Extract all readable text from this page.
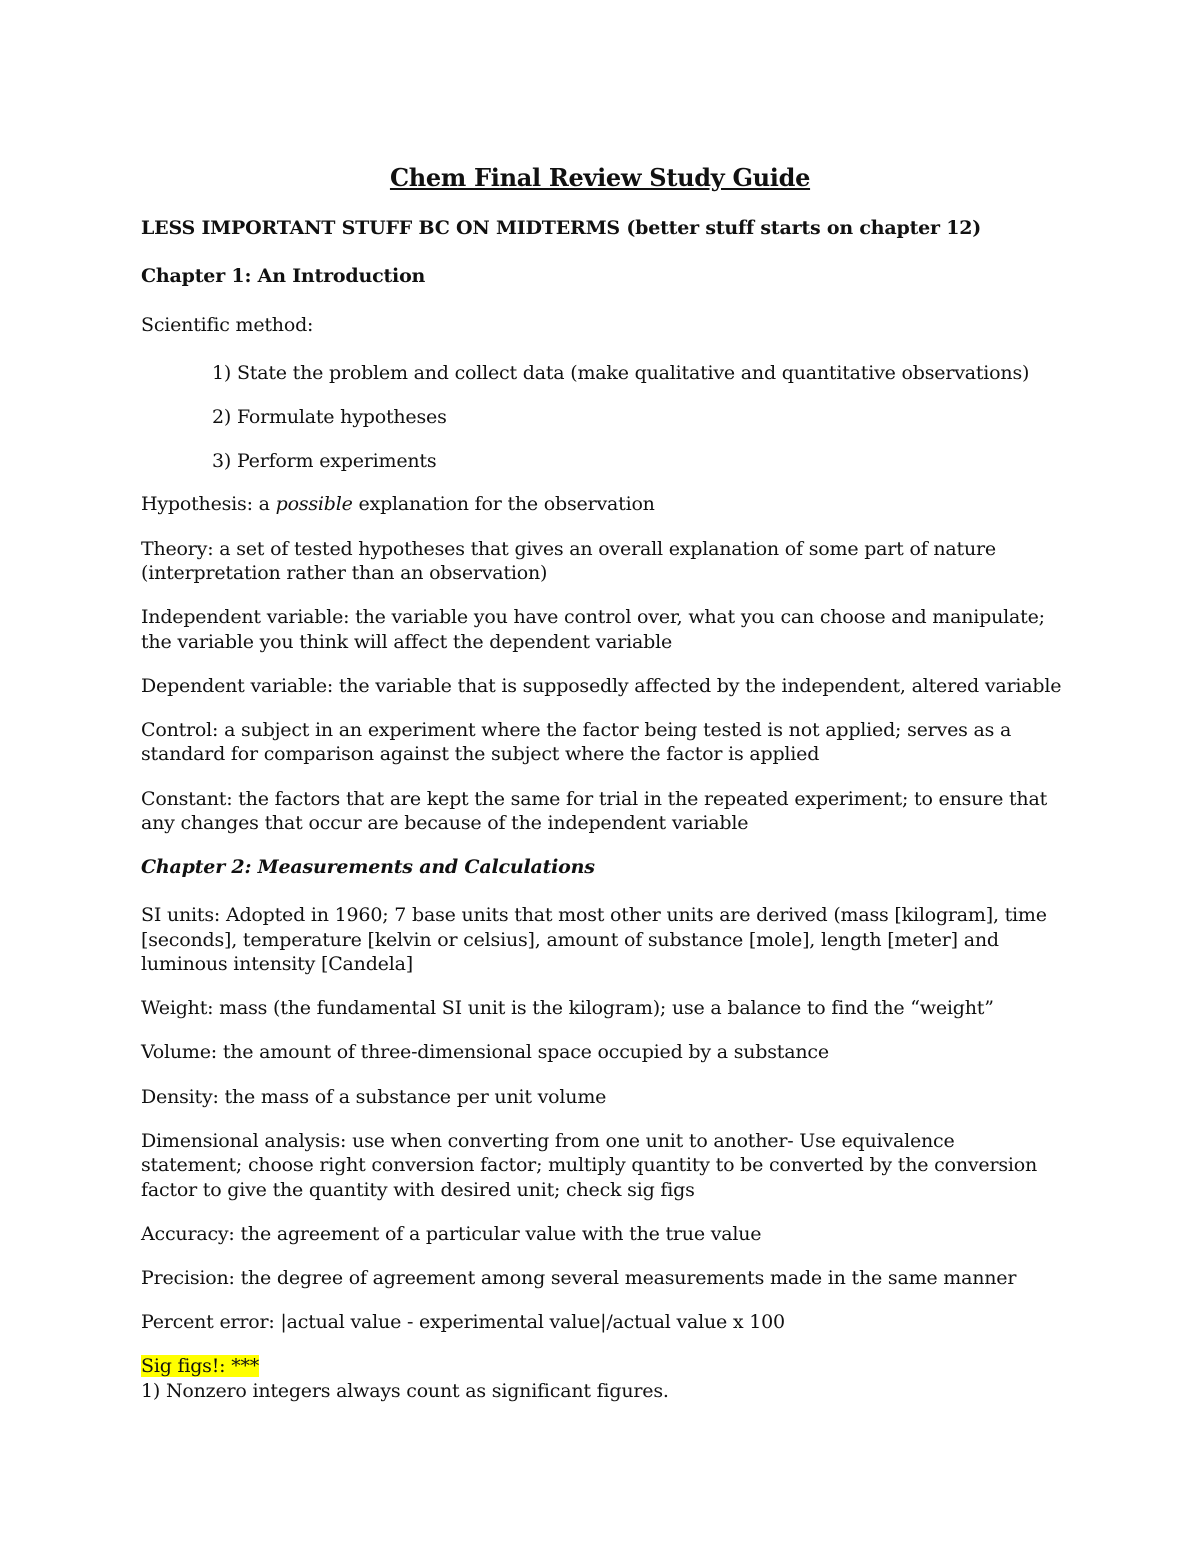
Chem Final Review Study Guide
LESS IMPORTANT STUFF BC ON MIDTERMS (better stuff starts on chapter 12)
Chapter 1: An Introduction
Scientific method:
1) State the problem and collect data (make qualitative and quantitative observations)
2) Formulate hypotheses
3) Perform experiments
Hypothesis: a possible explanation for the observation
Theory: a set of tested hypotheses that gives an overall explanation of some part of nature
(interpretation rather than an observation)
Independent variable: the variable you have control over, what you can choose and manipulate;
the variable you think will affect the dependent variable
Dependent variable: the variable that is supposedly affected by the independent, altered variable
Control: a subject in an experiment where the factor being tested is not applied; serves as a
standard for comparison against the subject where the factor is applied
Constant: the factors that are kept the same for trial in the repeated experiment; to ensure that
any changes that occur are because of the independent variable
Chapter 2: Measurements and Calculations
SI units: Adopted in 1960; 7 base units that most other units are derived (mass [kilogram], time
[seconds], temperature [kelvin or celsius], amount of substance [mole], length [meter] and
luminous intensity [Candela]
Weight: mass (the fundamental SI unit is the kilogram); use a balance to find the “weight”
Volume: the amount of three-dimensional space occupied by a substance
Density: the mass of a substance per unit volume
Dimensional analysis: use when converting from one unit to another- Use equivalence
statement; choose right conversion factor; multiply quantity to be converted by the conversion
factor to give the quantity with desired unit; check sig figs
Accuracy: the agreement of a particular value with the true value
Precision: the degree of agreement among several measurements made in the same manner
Percent error: |actual value - experimental value|/actual value x 100
Sig figs!: ***
1) Nonzero integers always count as significant figures.
